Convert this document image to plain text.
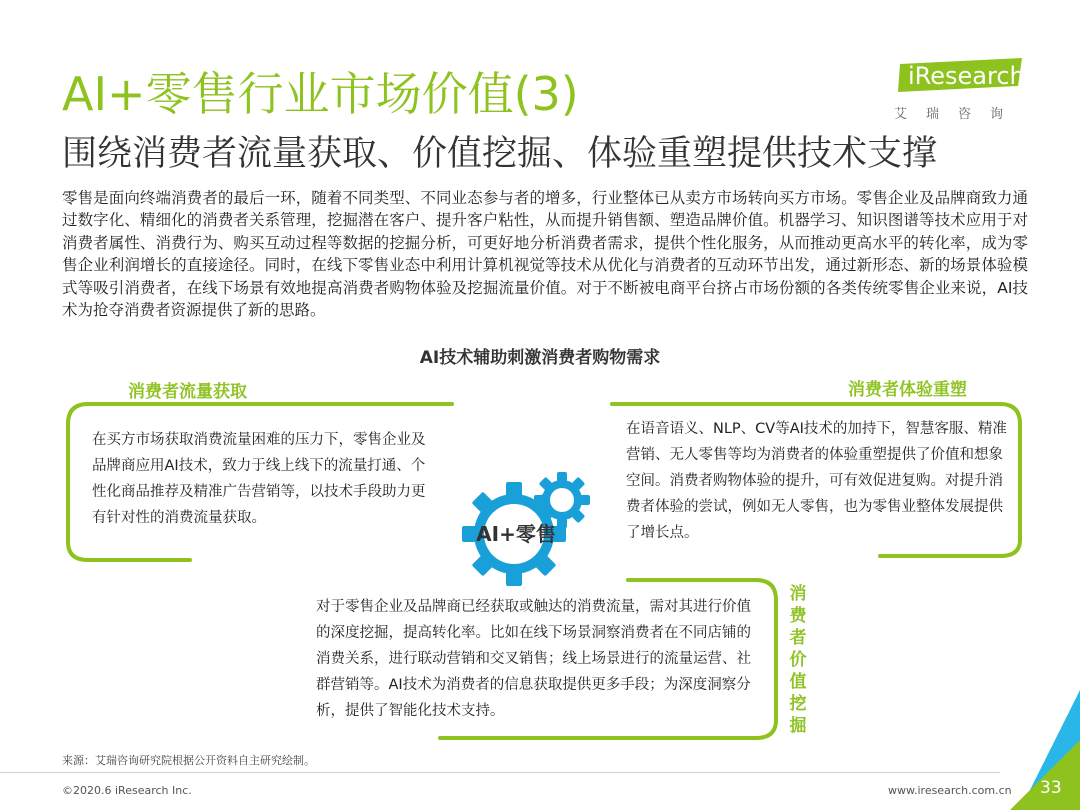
AI+零售行业市场价值(3)
围绕消费者流量获取、价值挖掘、体验重塑提供技术支撑
iResearch
艾瑞咨询
零售是面向终端消费者的最后一环，随着不同类型、不同业态参与者的增多，行业整体已从卖方市场转向买方市场。零售企业及品牌商致力通过数字化、精细化的消费者关系管理，挖掘潜在客户、提升客户粘性，从而提升销售额、塑造品牌价值。机器学习、知识图谱等技术应用于对消费者属性、消费行为、购买互动过程等数据的挖掘分析，可更好地分析消费者需求，提供个性化服务，从而推动更高水平的转化率，成为零售企业利润增长的直接途径。同时，在线下零售业态中利用计算机视觉等技术从优化与消费者的互动环节出发，通过新形态、新的场景体验模式等吸引消费者，在线下场景有效地提高消费者购物体验及挖掘流量价值。对于不断被电商平台挤占市场份额的各类传统零售企业来说，AI技术为抢夺消费者资源提供了新的思路。
AI技术辅助刺激消费者购物需求
消费者流量获取	消费者体验重塑
消费者价值挖掘
在买方市场获取消费流量困难的压力下，零售企业及品牌商应用AI技术，致力于线上线下的流量打通、个性化商品推荐及精准广告营销等，以技术手段助力更有针对性的消费流量获取。
在语音语义、NLP、CV等AI技术的加持下，智慧客服、精准营销、无人零售等均为消费者的体验重塑提供了价值和想象空间。消费者购物体验的提升，可有效促进复购。对提升消费者体验的尝试，例如无人零售，也为零售业整体发展提供了增长点。
对于零售企业及品牌商已经获取或触达的消费流量，需对其进行价值的深度挖掘，提高转化率。比如在线下场景洞察消费者在不同店铺的消费关系，进行联动营销和交叉销售；线上场景进行的流量运营、社群营销等。AI技术为消费者的信息获取提供更多手段；为深度洞察分析，提供了智能化技术支持。
AI+零售
来源：艾瑞咨询研究院根据公开资料自主研究绘制。
©2020.6 iResearch Inc.	www.iresearch.com.cn 33
